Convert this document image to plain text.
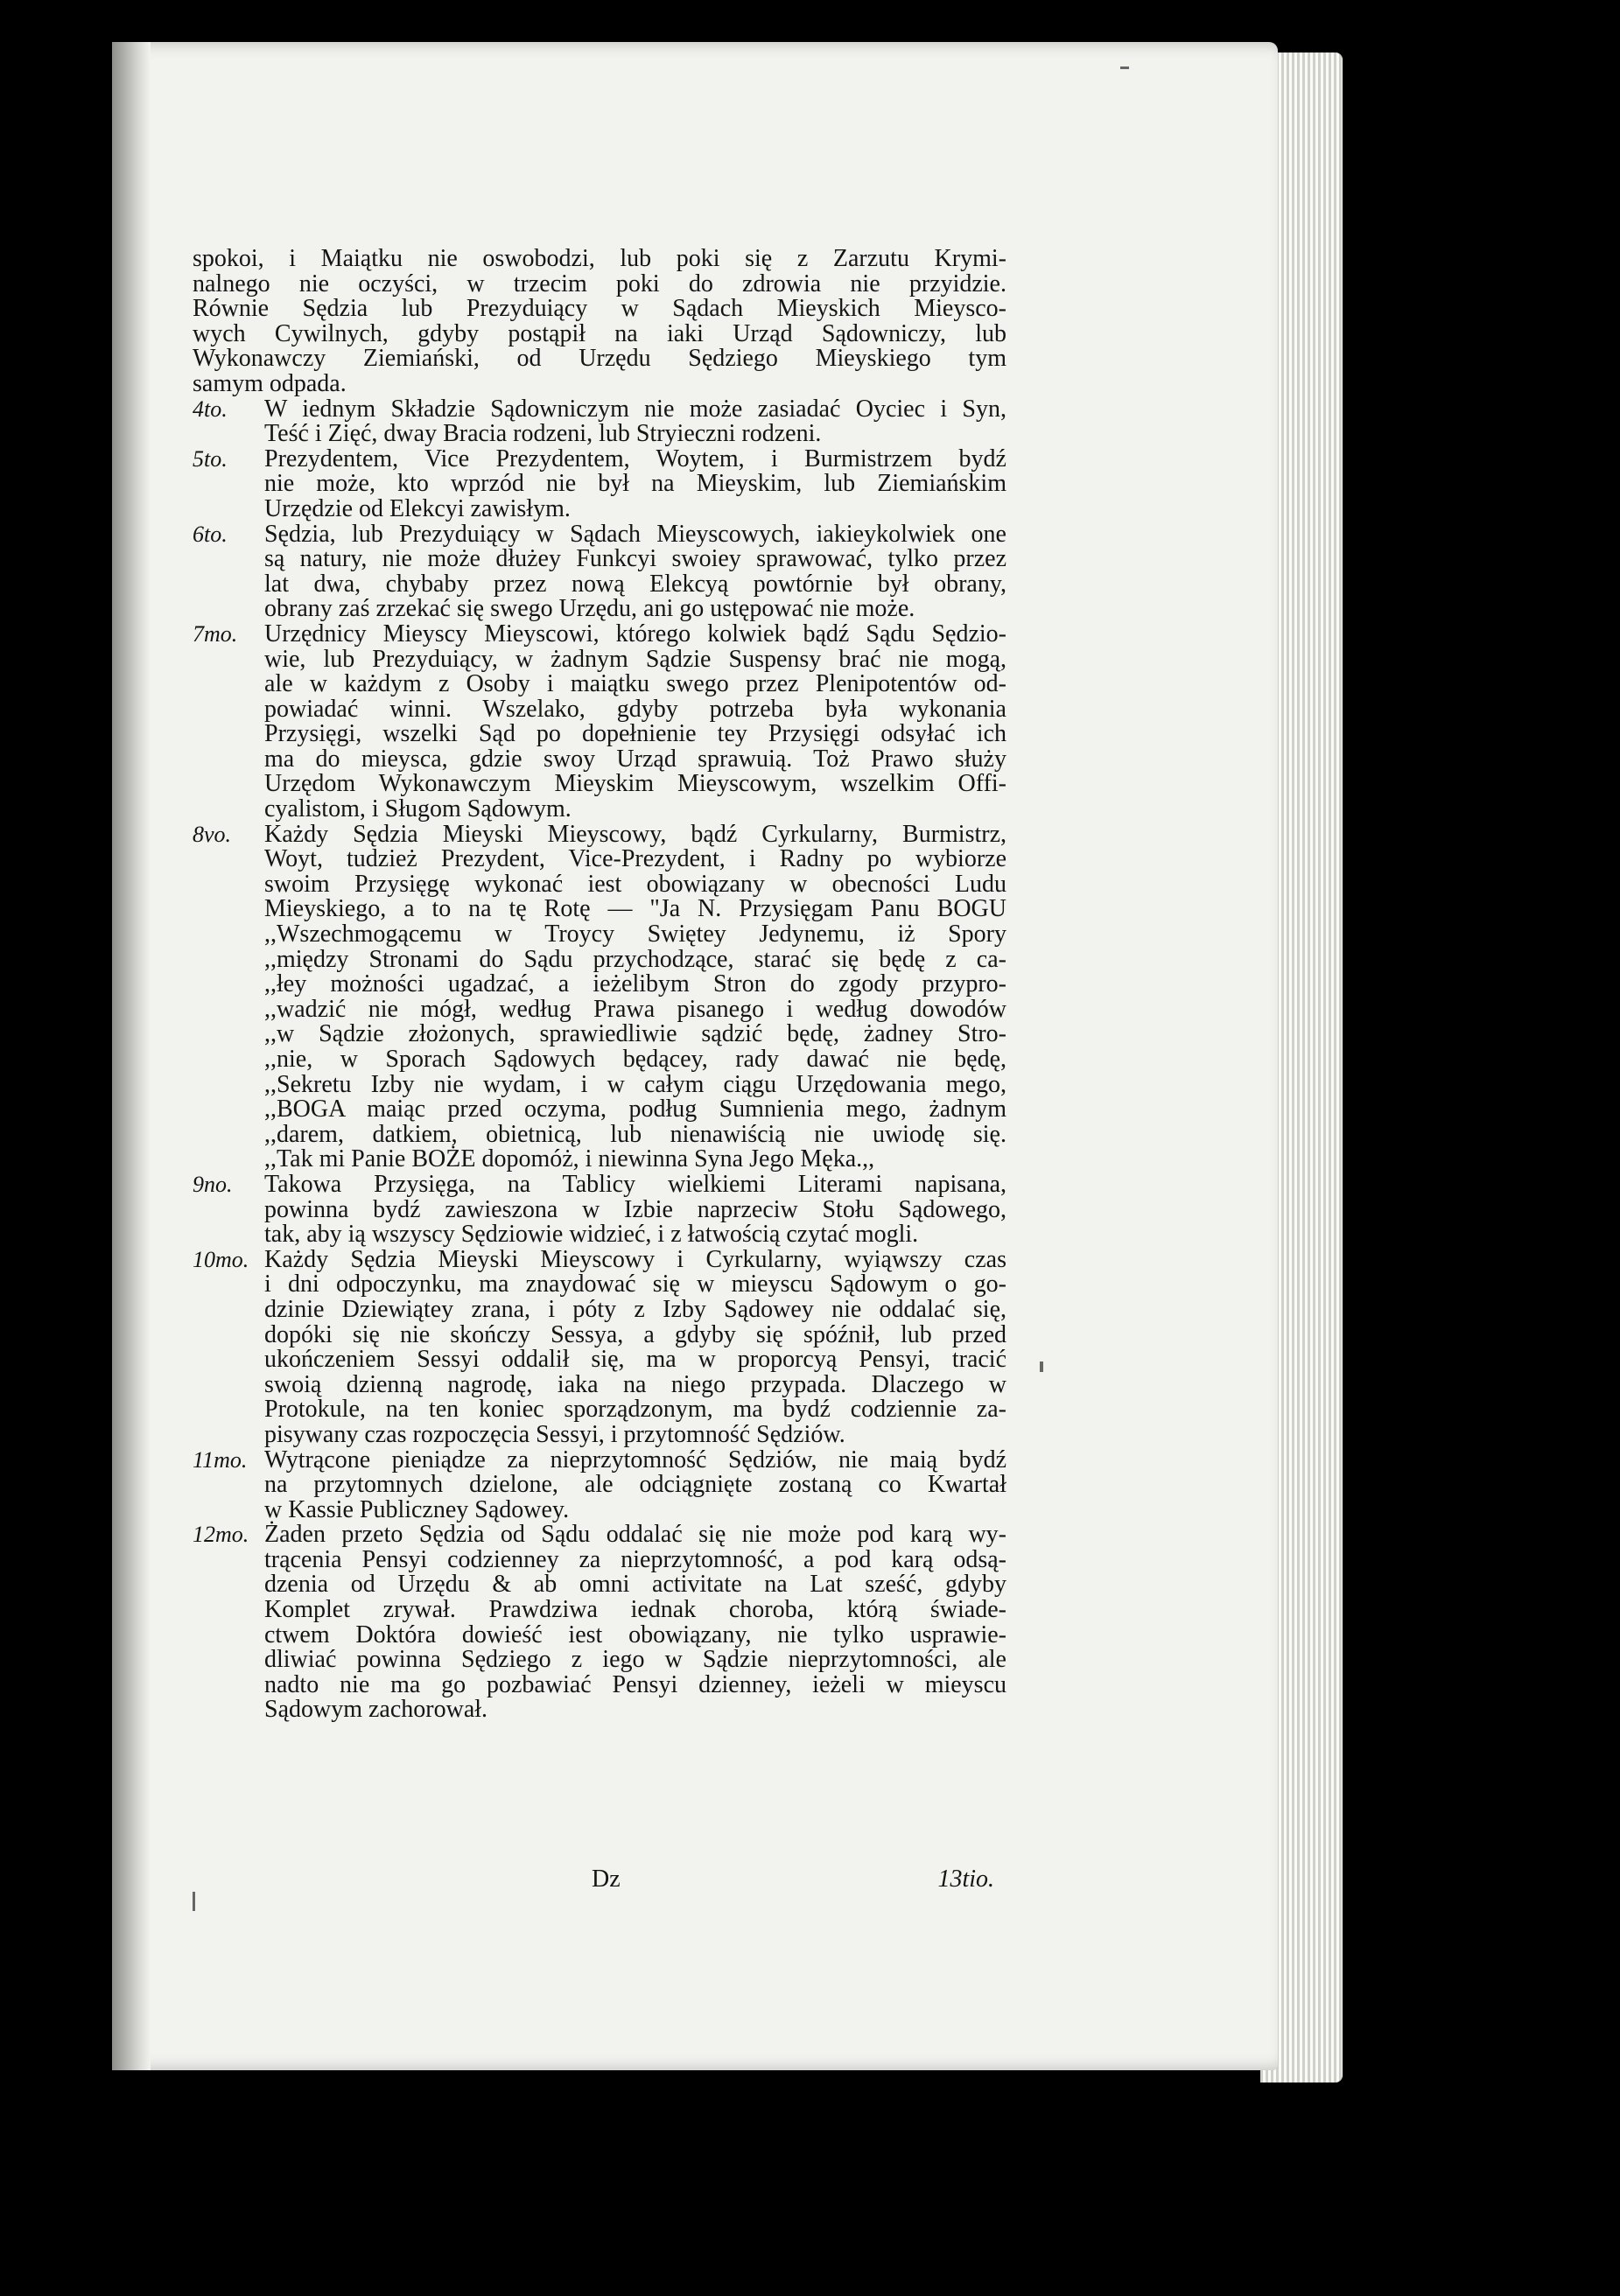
spokoi, i Maiątku nie oswobodzi, lub poki się z Zarzutu Krymi-
nalnego nie oczyści, w trzecim poki do zdrowia nie przyidzie.
Równie Sędzia lub Prezyduiący w Sądach Mieyskich Mieysco-
wych Cywilnych, gdyby postąpił na iaki Urząd Sądowniczy, lub
Wykonawczy Ziemiański, od Urzędu Sędziego Mieyskiego tym
samym odpada.
4to.	W iednym Składzie Sądowniczym nie może zasiadać Oyciec i Syn,
Teść i Zięć, dway Bracia rodzeni, lub Stryieczni rodzeni.
5to.	Prezydentem, Vice Prezydentem, Woytem, i Burmistrzem bydź
nie może, kto wprzód nie był na Mieyskim, lub Ziemiańskim
Urzędzie od Elekcyi zawisłym.
6to.	Sędzia, lub Prezyduiący w Sądach Mieyscowych, iakieykolwiek one
są natury, nie może dłużey Funkcyi swoiey sprawować, tylko przez
lat dwa, chybaby przez nową Elekcyą powtórnie był obrany,
obrany zaś zrzekać się swego Urzędu, ani go ustępować nie może.
7mo.	Urzędnicy Mieyscy Mieyscowi, którego kolwiek bądź Sądu Sędzio-
wie, lub Prezyduiący, w żadnym Sądzie Suspensy brać nie mogą,
ale w każdym z Osoby i maiątku swego przez Plenipotentów od-
powiadać winni. Wszelako, gdyby potrzeba była wykonania
Przysięgi, wszelki Sąd po dopełnienie tey Przysięgi odsyłać ich
ma do mieysca, gdzie swoy Urząd sprawuią. Toż Prawo służy
Urzędom Wykonawczym Mieyskim Mieyscowym, wszelkim Offi-
cyalistom, i Sługom Sądowym.
8vo.	Każdy Sędzia Mieyski Mieyscowy, bądź Cyrkularny, Burmistrz,
Woyt, tudzież Prezydent, Vice-Prezydent, i Radny po wybiorze
swoim Przysięgę wykonać iest obowiązany w obecności Ludu
Mieyskiego, a to na tę Rotę — "Ja N. Przysięgam Panu BOGU
,,Wszechmogącemu w Troycy Swiętey Jedynemu, iż Spory
,,między Stronami do Sądu przychodzące, starać się będę z ca-
,,łey możności ugadzać, a ieżelibym Stron do zgody przypro-
,,wadzić nie mógł, według Prawa pisanego i według dowodów
,,w Sądzie złożonych, sprawiedliwie sądzić będę, żadney Stro-
,,nie, w Sporach Sądowych będącey, rady dawać nie będę,
,,Sekretu Izby nie wydam, i w całym ciągu Urzędowania mego,
,,BOGA maiąc przed oczyma, podług Sumnienia mego, żadnym
,,darem, datkiem, obietnicą, lub nienawiścią nie uwiodę się.
,,Tak mi Panie BOŻE dopomóż, i niewinna Syna Jego Męka.,,
9no.	Takowa Przysięga, na Tablicy wielkiemi Literami napisana,
powinna bydź zawieszona w Izbie naprzeciw Stołu Sądowego,
tak, aby ią wszyscy Sędziowie widzieć, i z łatwością czytać mogli.
10mo. Każdy Sędzia Mieyski Mieyscowy i Cyrkularny, wyiąwszy czas
i dni odpoczynku, ma znaydować się w mieyscu Sądowym o go-
dzinie Dziewiątey zrana, i póty z Izby Sądowey nie oddalać się,
dopóki się nie skończy Sessya, a gdyby się spóźnił, lub przed
ukończeniem Sessyi oddalił się, ma w proporcyą Pensyi, tracić
swoią dzienną nagrodę, iaka na niego przypada. Dlaczego w
Protokule, na ten koniec sporządzonym, ma bydź codziennie za-
pisywany czas rozpoczęcia Sessyi, i przytomność Sędziów.
11mo. Wytrącone pieniądze za nieprzytomność Sędziów, nie maią bydź
na przytomnych dzielone, ale odciągnięte zostaną co Kwartał
w Kassie Publiczney Sądowey.
12mo. Żaden przeto Sędzia od Sądu oddalać się nie może pod karą wy-
trącenia Pensyi codzienney za nieprzytomność, a pod karą odsą-
dzenia od Urzędu & ab omni activitate na Lat sześć, gdyby
Komplet zrywał. Prawdziwa iednak choroba, którą świade-
ctwem Doktóra dowieść iest obowiązany, nie tylko usprawie-
dliwiać powinna Sędziego z iego w Sądzie nieprzytomności, ale
nadto nie ma go pozbawiać Pensyi dzienney, ieżeli w mieyscu
Sądowym zachorował.
Dz	13tio.
